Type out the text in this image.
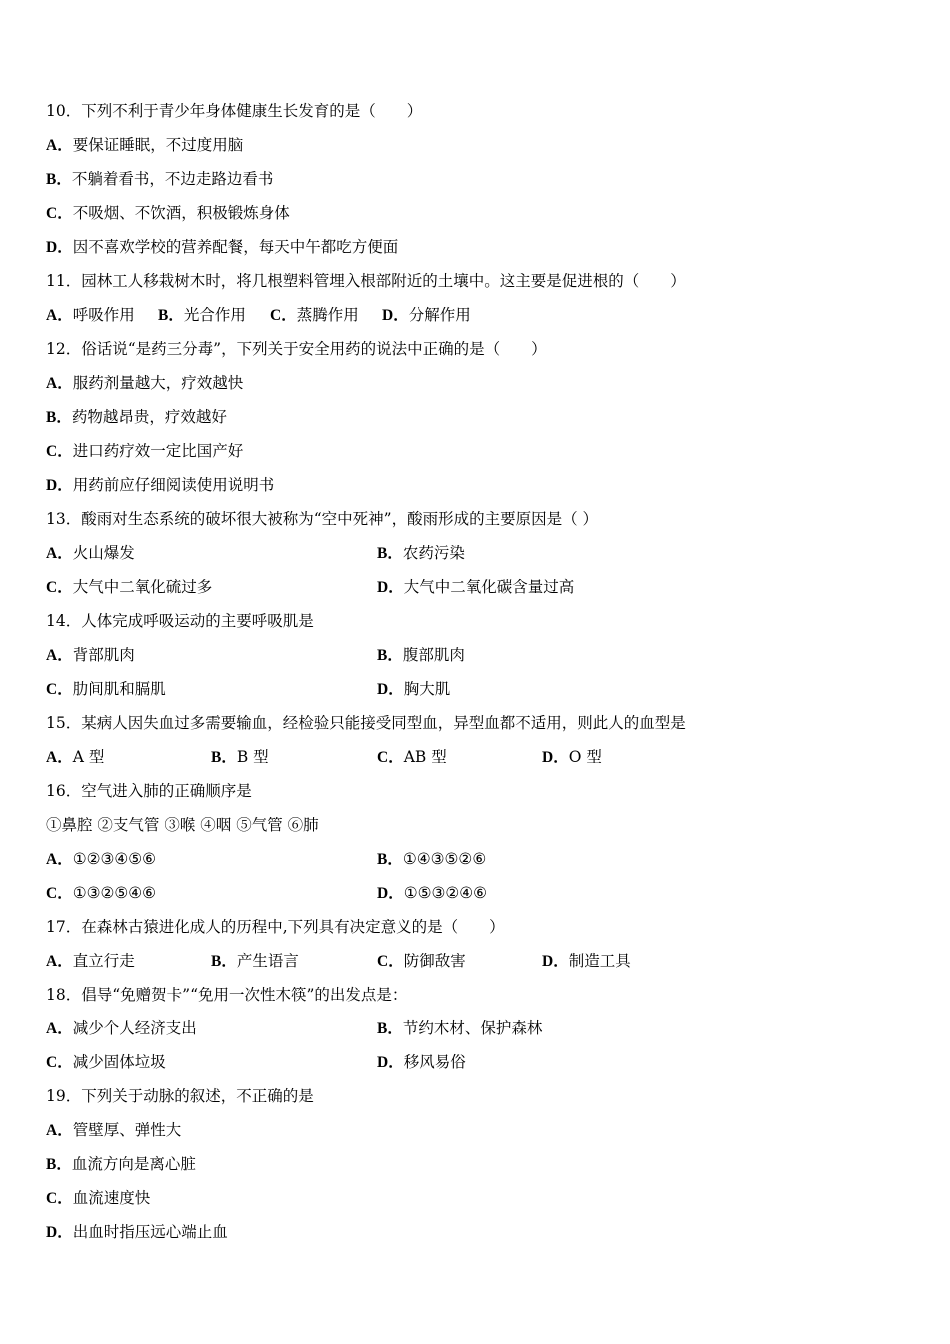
10．下列不利于青少年身体健康生长发育的是（　　）
A．要保证睡眠，不过度用脑
B．不躺着看书，不边走路边看书
C．不吸烟、不饮酒，积极锻炼身体
D．因不喜欢学校的营养配餐，每天中午都吃方便面
11．园林工人移栽树木时，将几根塑料管埋入根部附近的土壤中。这主要是促进根的（　　）
A．呼吸作用 B．光合作用 C．蒸腾作用 D．分解作用
12．俗话说“是药三分毒”，下列关于安全用药的说法中正确的是（　　）
A．服药剂量越大，疗效越快
B．药物越昂贵，疗效越好
C．进口药疗效一定比国产好
D．用药前应仔细阅读使用说明书
13．酸雨对生态系统的破坏很大被称为“空中死神”，酸雨形成的主要原因是（ ）
A．火山爆发	B．农药污染
C．大气中二氧化硫过多	D．大气中二氧化碳含量过高
14．人体完成呼吸运动的主要呼吸肌是
A．背部肌肉	B．腹部肌肉
C．肋间肌和膈肌	D．胸大肌
15．某病人因失血过多需要输血，经检验只能接受同型血，异型血都不适用，则此人的血型是
A．A 型	B．B 型	C．AB 型	D．O 型
16．空气进入肺的正确顺序是
①鼻腔 ②支气管 ③喉 ④咽 ⑤气管 ⑥肺
A．①②③④⑤⑥	B．①④③⑤②⑥
C．①③②⑤④⑥	D．①⑤③②④⑥
17．在森林古猿进化成人的历程中,下列具有决定意义的是（　　）
A．直立行走	B．产生语言	C．防御敌害	D．制造工具
18．倡导“免赠贺卡”“免用一次性木筷”的出发点是：
A．减少个人经济支出	B．节约木材、保护森林
C．减少固体垃圾	D．移风易俗
19．下列关于动脉的叙述，不正确的是
A．管壁厚、弹性大
B．血流方向是离心脏
C．血流速度快
D．出血时指压远心端止血
